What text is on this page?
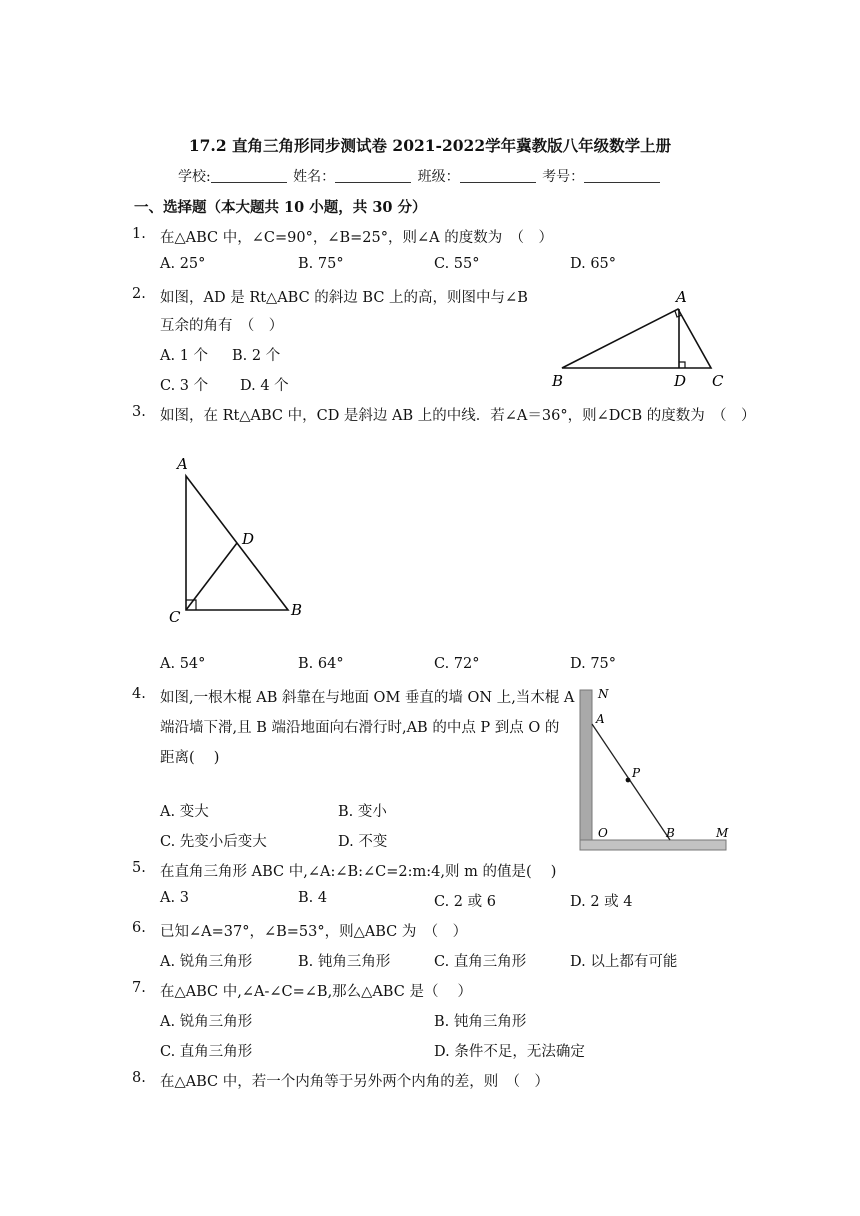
17.2 直角三角形同步测试卷 2021-2022学年冀教版八年级数学上册
学校:	姓名：	班级：	考号：
一、选择题（本大题共 10 小题，共 30 分）
1. 在△ABC 中，∠C=90°，∠B=25°，则∠A 的度数为　（　）
A. 25°	B. 75°	C. 55°	D. 65°
2. 如图，AD 是 Rt△ABC 的斜边 BC 上的高，则图中与∠B
互余的角有　（　）
A. 1 个 B. 2 个
C. 3 个 D. 4 个
A
B	D C
3. 如图，在 Rt△ABC 中，CD 是斜边 AB 上的中线．若∠A＝36°，则∠DCB 的度数为　（　）
A
D
C	B
A. 54°	B. 64°	C. 72°	D. 75°
4. 如图,一根木棍 AB 斜靠在与地面 OM 垂直的墙 ON 上,当木棍 A
端沿墙下滑,且 B 端沿地面向右滑行时,AB 的中点 P 到点 O 的
距离(　 )
A. 变大	B. 变小
C. 先变小后变大	D. 不变
N
A
P
O	B	M
5. 在直角三角形 ABC 中,∠A:∠B:∠C=2:m:4,则 m 的值是(　 )
A. 3	B. 4	C. 2 或 6	D. 2 或 4
6. 已知∠A=37°，∠B=53°，则△ABC 为　（　）
A. 锐角三角形	B. 钝角三角形	C. 直角三角形	D. 以上都有可能
7. 在△ABC 中,∠A-∠C=∠B,那么△ABC 是（　 ）
A. 锐角三角形	B. 钝角三角形
C. 直角三角形	D. 条件不足，无法确定
8. 在△ABC 中，若一个内角等于另外两个内角的差，则　（　）
